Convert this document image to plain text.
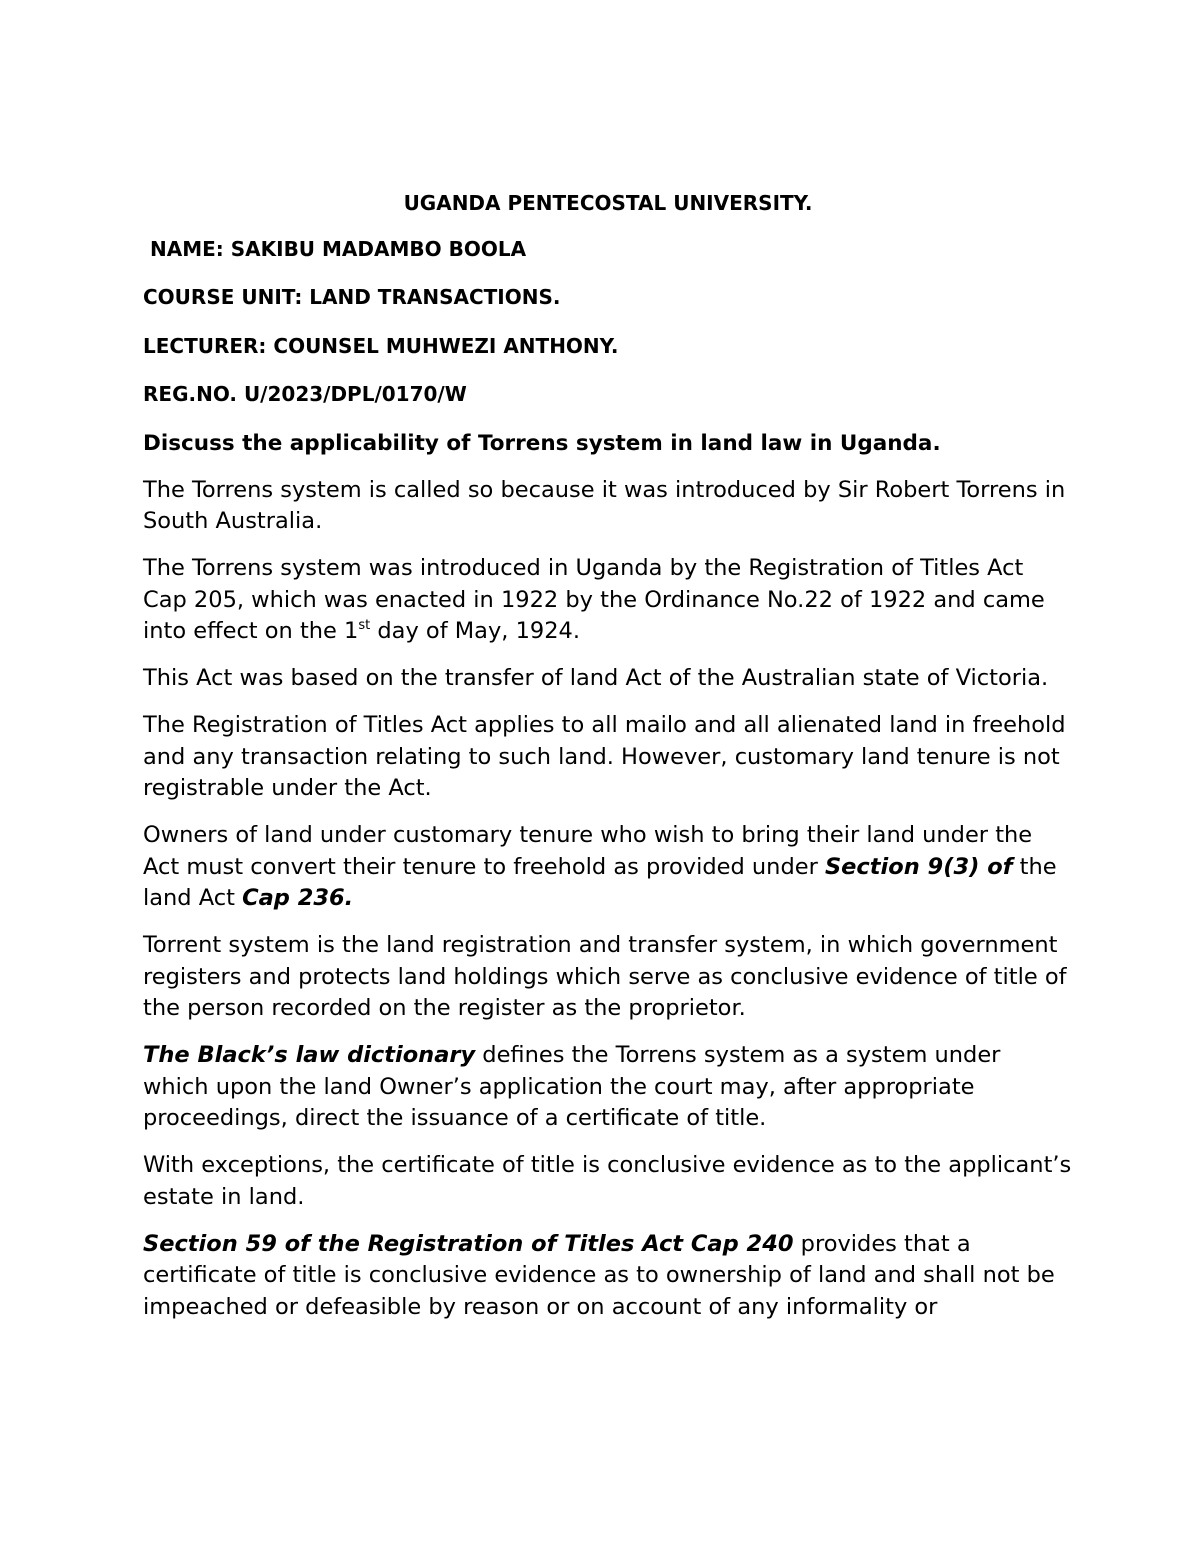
UGANDA PENTECOSTAL UNIVERSITY.

NAME: SAKIBU MADAMBO BOOLA

COURSE UNIT: LAND TRANSACTIONS.

LECTURER: COUNSEL MUHWEZI ANTHONY.

REG.NO. U/2023/DPL/0170/W

Discuss the applicability of Torrens system in land law in Uganda.

The Torrens system is called so because it was introduced by Sir Robert Torrens in South Australia.

The Torrens system was introduced in Uganda by the Registration of Titles Act Cap 205, which was enacted in 1922 by the Ordinance No.22 of 1922 and came into effect on the 1st day of May, 1924.

This Act was based on the transfer of land Act of the Australian state of Victoria.

The Registration of Titles Act applies to all mailo and all alienated land in freehold and any transaction relating to such land. However, customary land tenure is not registrable under the Act.

Owners of land under customary tenure who wish to bring their land under the Act must convert their tenure to freehold as provided under Section 9(3) of the land Act Cap 236.

Torrent system is the land registration and transfer system, in which government registers and protects land holdings which serve as conclusive evidence of title of the person recorded on the register as the proprietor.

The Black’s law dictionary defines the Torrens system as a system under which upon the land Owner’s application the court may, after appropriate proceedings, direct the issuance of a certificate of title.

With exceptions, the certificate of title is conclusive evidence as to the applicant’s estate in land.

Section 59 of the Registration of Titles Act Cap 240 provides that a certificate of title is conclusive evidence as to ownership of land and shall not be impeached or defeasible by reason or on account of any informality or
